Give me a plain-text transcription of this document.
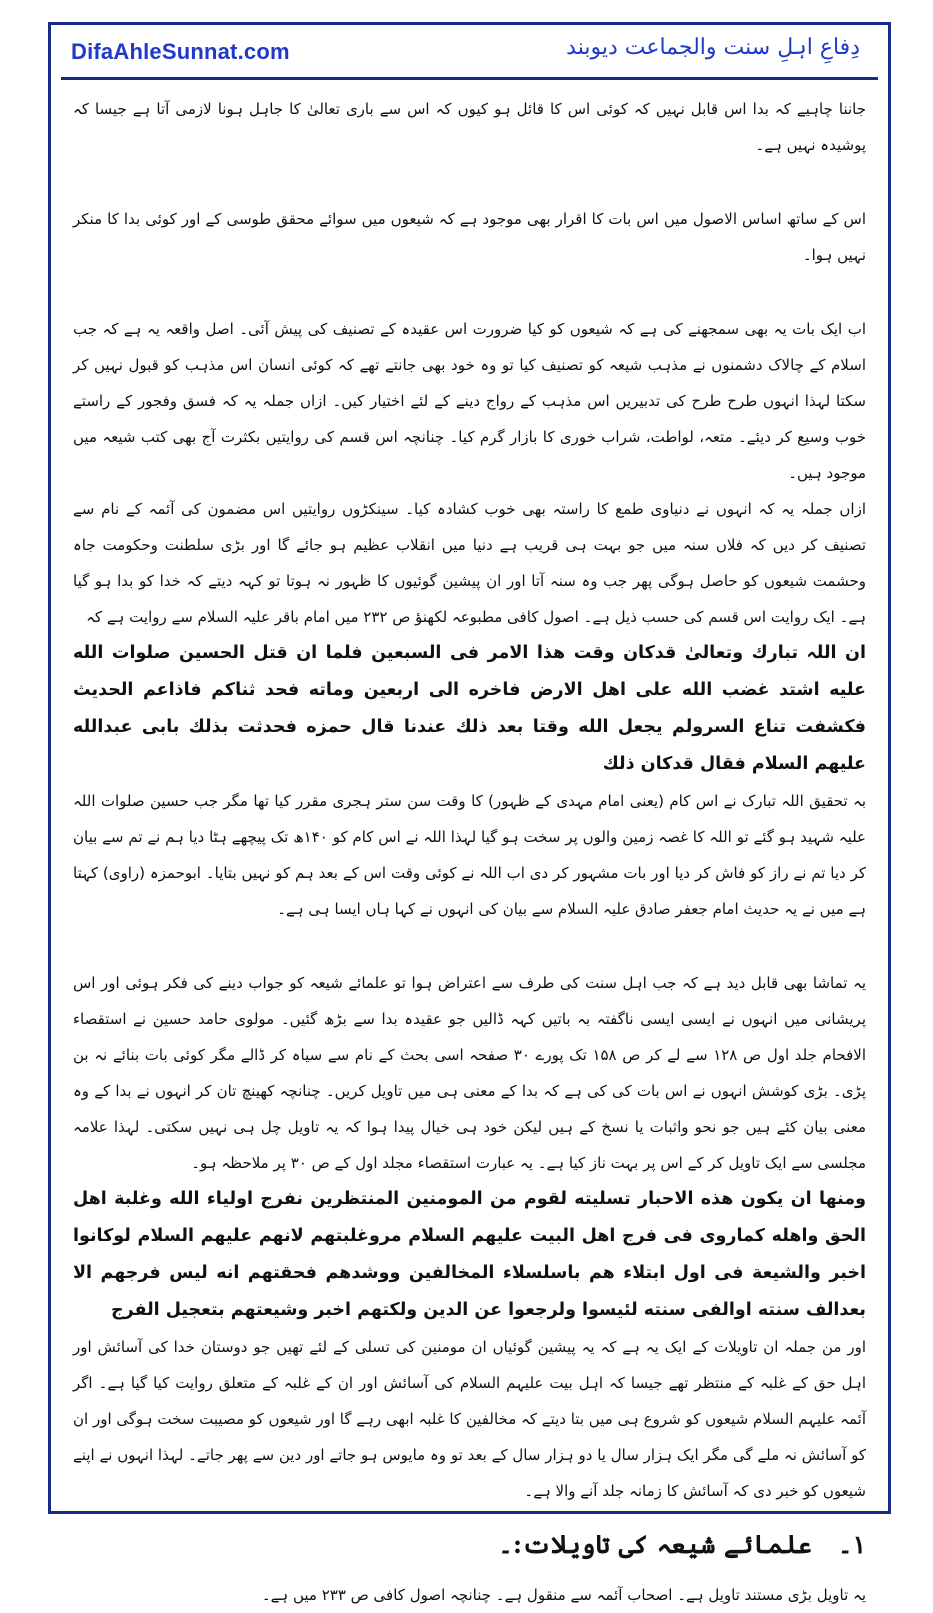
DifaAhleSunnat.com	دِفاعِ اہلِ سنت والجماعت دیوبند

جاننا چاہیے کہ بدا اس قابل نہیں کہ کوئی اس کا قائل ہو کیوں کہ اس سے باری تعالیٰ کا جاہل ہونا لازمی آتا ہے جیسا کہ پوشیدہ نہیں ہے۔

اس کے ساتھ اساس الاصول میں اس بات کا اقرار بھی موجود ہے کہ شیعوں میں سوائے محقق طوسی کے اور کوئی بدا کا منکر نہیں ہوا۔

اب ایک بات یہ بھی سمجھنے کی ہے کہ شیعوں کو کیا ضرورت اس عقیدہ کے تصنیف کی پیش آئی۔ اصل واقعہ یہ ہے کہ جب اسلام کے چالاک دشمنوں نے مذہب شیعہ کو تصنیف کیا تو وہ خود بھی جانتے تھے کہ کوئی انسان اس مذہب کو قبول نہیں کر سکتا لہذا انہوں طرح طرح کی تدبیریں اس مذہب کے رواج دینے کے لئے اختیار کیں۔ ازاں جملہ یہ کہ فسق وفجور کے راستے خوب وسیع کر دیئے۔ متعہ، لواطت، شراب خوری کا بازار گرم کیا۔ چنانچہ اس قسم کی روایتیں بکثرت آج بھی کتب شیعہ میں موجود ہیں۔

ازاں جملہ یہ کہ انہوں نے دنیاوی طمع کا راستہ بھی خوب کشادہ کیا۔ سینکڑوں روایتیں اس مضمون کی آئمہ کے نام سے تصنیف کر دیں کہ فلاں سنہ میں جو بہت ہی قریب ہے دنیا میں انقلاب عظیم ہو جائے گا اور بڑی سلطنت وحکومت جاہ وحشمت شیعوں کو حاصل ہوگی پھر جب وہ سنہ آتا اور ان پیشین گوئیوں کا ظہور نہ ہوتا تو کہہ دیتے کہ خدا کو بدا ہو گیا ہے۔ ایک روایت اس قسم کی حسب ذیل ہے۔ اصول کافی مطبوعہ لکھنؤ ص ۲۳۲ میں امام باقر علیہ السلام سے روایت ہے کہ

ان اللہ تبارك وتعالیٰ قدكان وقت هذا الامر فی السبعین فلما ان قتل الحسین صلوات الله علیه اشتد غضب الله علی اهل الارض فاخره الی اربعین وماته فحد ثناكم فاذاعم الحدیث فكشفت تناع السرولم یجعل الله وقتا بعد ذلك عندنا قال حمزه فحدثت بذلك بابی عبدالله علیهم السلام فقال قدكان ذلك

بہ تحقیق اللہ تبارک نے اس کام (یعنی امام مہدی کے ظہور) کا وقت سن ستر ہجری مقرر کیا تھا مگر جب حسین صلوات اللہ علیہ شہید ہو گئے تو اللہ کا غصہ زمین والوں پر سخت ہو گیا لہذا اللہ نے اس کام کو ۱۴۰ھ تک پیچھے ہٹا دیا ہم نے تم سے بیان کر دیا تم نے راز کو فاش کر دیا اور بات مشہور کر دی اب اللہ نے کوئی وقت اس کے بعد ہم کو نہیں بتایا۔ ابوحمزہ (راوی) کہتا ہے میں نے یہ حدیث امام جعفر صادق علیہ السلام سے بیان کی انہوں نے کہا ہاں ایسا ہی ہے۔

یہ تماشا بھی قابل دید ہے کہ جب اہل سنت کی طرف سے اعتراض ہوا تو علمائے شیعہ کو جواب دینے کی فکر ہوئی اور اس پریشانی میں انہوں نے ایسی ایسی ناگفتہ بہ باتیں کہہ ڈالیں جو عقیدہ بدا سے بڑھ گئیں۔ مولوی حامد حسین نے استقصاء الافحام جلد اول ص ۱۲۸ سے لے کر ص ۱۵۸ تک پورے ۳۰ صفحہ اسی بحث کے نام سے سیاہ کر ڈالے مگر کوئی بات بنائے نہ بن پڑی۔ بڑی کوشش انہوں نے اس بات کی کی ہے کہ بدا کے معنی ہی میں تاویل کریں۔ چنانچہ کھینچ تان کر انہوں نے بدا کے وہ معنی بیان کئے ہیں جو نحو واثبات یا نسخ کے ہیں لیکن خود ہی خیال پیدا ہوا کہ یہ تاویل چل ہی نہیں سکتی۔ لہذا علامہ مجلسی سے ایک تاویل کر کے اس پر بہت ناز کیا ہے۔ یہ عبارت استقصاء مجلد اول کے ص ۳۰ پر ملاحظہ ہو۔

ومنها ان یكون هذه الاحبار تسلیته لقوم من المومنین المنتظرین نفرج اولیاء الله وغلبة اهل الحق واهله كماروی فی فرج اهل البیت علیهم السلام مروغلبتهم لانهم علیهم السلام لوكانوا اخبر والشیعة فی اول ابتلاء هم باسلسلاء المخالفین ووشدهم فحقتهم انه لیس فرجهم الا بعدالف سنته اوالفی سنته لئیسوا ولرجعوا عن الدین ولكتهم اخبر وشیعتهم بتعجیل الفرج

اور من جملہ ان تاویلات کے ایک یہ ہے کہ یہ پیشین گوئیاں ان مومنین کی تسلی کے لئے تھیں جو دوستان خدا کی آسائش اور اہل حق کے غلبہ کے منتظر تھے جیسا کہ اہل بیت علیہم السلام کی آسائش اور ان کے غلبہ کے متعلق روایت کیا گیا ہے۔ اگر آئمہ علیہم السلام شیعوں کو شروع ہی میں بتا دیتے کہ مخالفین کا غلبہ ابھی رہے گا اور شیعوں کو مصیبت سخت ہوگی اور ان کو آسائش نہ ملے گی مگر ایک ہزار سال یا دو ہزار سال کے بعد تو وہ مایوس ہو جاتے اور دین سے پھر جاتے۔ لہذا انہوں نے اپنے شیعوں کو خبر دی کہ آسائش کا زمانہ جلد آنے والا ہے۔

۱۔علمائے شیعہ کی تاویلات:۔

یہ تاویل بڑی مستند تاویل ہے۔ اصحاب آئمہ سے منقول ہے۔ چنانچہ اصول کافی ص ۲۳۳ میں ہے۔
